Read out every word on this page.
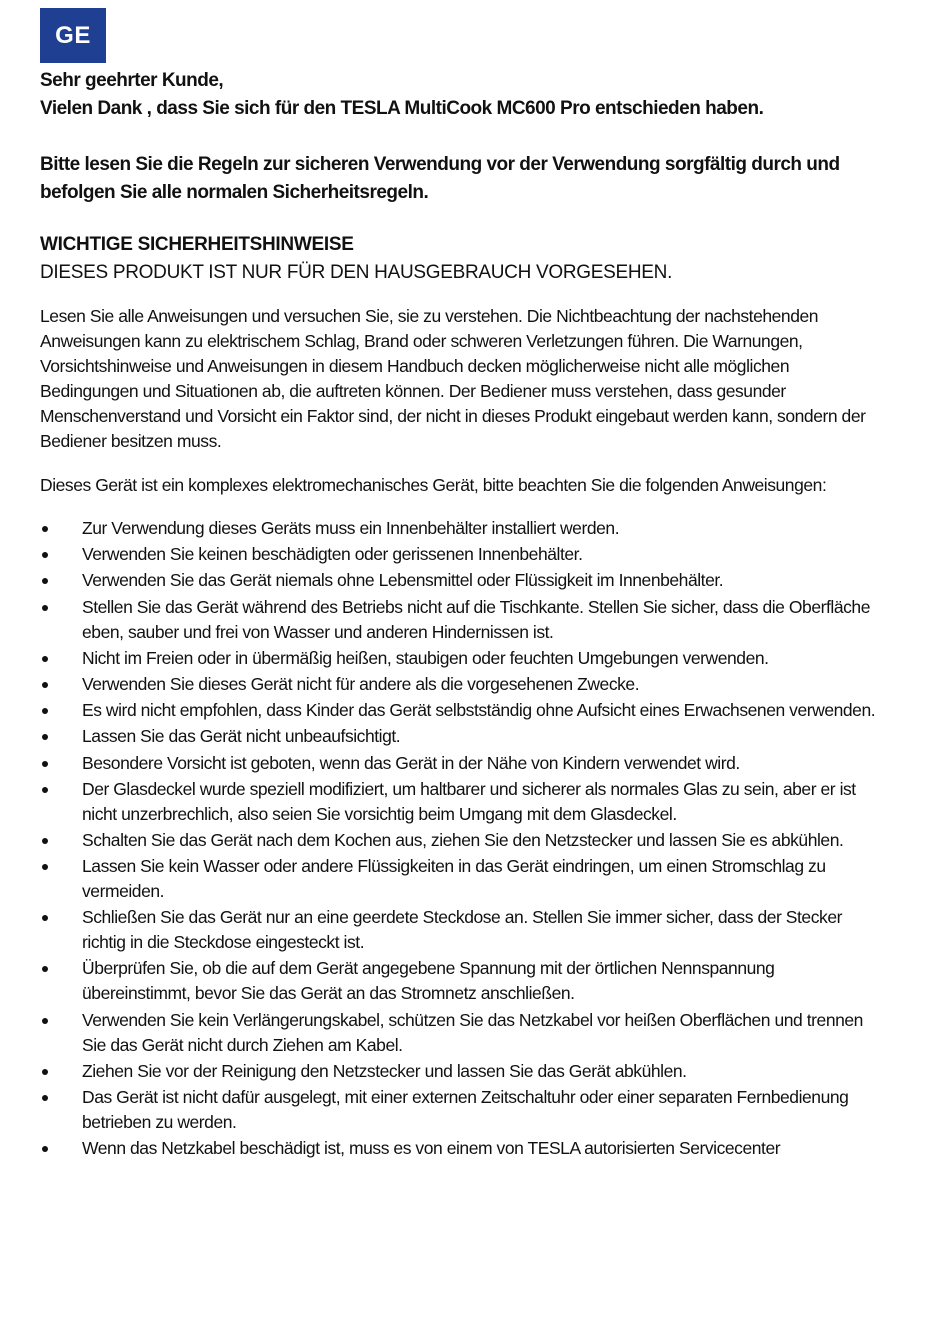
GE

Sehr geehrter Kunde,

Vielen Dank , dass Sie sich für den TESLA MultiCook MC600 Pro entschieden haben.

Bitte lesen Sie die Regeln zur sicheren Verwendung vor der Verwendung sorgfältig durch und befolgen Sie alle normalen Sicherheitsregeln.

WICHTIGE SICHERHEITSHINWEISE
DIESES PRODUKT IST NUR FÜR DEN HAUSGEBRAUCH VORGESEHEN.

Lesen Sie alle Anweisungen und versuchen Sie, sie zu verstehen. Die Nichtbeachtung der nachstehenden Anweisungen kann zu elektrischem Schlag, Brand oder schweren Verletzungen führen. Die Warnungen, Vorsichtshinweise und Anweisungen in diesem Handbuch decken möglicherweise nicht alle möglichen Bedingungen und Situationen ab, die auftreten können. Der Bediener muss verstehen, dass gesunder Menschenverstand und Vorsicht ein Faktor sind, der nicht in dieses Produkt eingebaut werden kann, sondern der Bediener besitzen muss.

Dieses Gerät ist ein komplexes elektromechanisches Gerät, bitte beachten Sie die folgenden Anweisungen:

Zur Verwendung dieses Geräts muss ein Innenbehälter installiert werden.
Verwenden Sie keinen beschädigten oder gerissenen Innenbehälter.
Verwenden Sie das Gerät niemals ohne Lebensmittel oder Flüssigkeit im Innenbehälter.
Stellen Sie das Gerät während des Betriebs nicht auf die Tischkante. Stellen Sie sicher, dass die Oberfläche eben, sauber und frei von Wasser und anderen Hindernissen ist.
Nicht im Freien oder in übermäßig heißen, staubigen oder feuchten Umgebungen verwenden.
Verwenden Sie dieses Gerät nicht für andere als die vorgesehenen Zwecke.
Es wird nicht empfohlen, dass Kinder das Gerät selbstständig ohne Aufsicht eines Erwachsenen verwenden.
Lassen Sie das Gerät nicht unbeaufsichtigt.
Besondere Vorsicht ist geboten, wenn das Gerät in der Nähe von Kindern verwendet wird.
Der Glasdeckel wurde speziell modifiziert, um haltbarer und sicherer als normales Glas zu sein, aber er ist nicht unzerbrechlich, also seien Sie vorsichtig beim Umgang mit dem Glasdeckel.
Schalten Sie das Gerät nach dem Kochen aus, ziehen Sie den Netzstecker und lassen Sie es abkühlen.
Lassen Sie kein Wasser oder andere Flüssigkeiten in das Gerät eindringen, um einen Stromschlag zu vermeiden.
Schließen Sie das Gerät nur an eine geerdete Steckdose an. Stellen Sie immer sicher, dass der Stecker richtig in die Steckdose eingesteckt ist.
Überprüfen Sie, ob die auf dem Gerät angegebene Spannung mit der örtlichen Nennspannung übereinstimmt, bevor Sie das Gerät an das Stromnetz anschließen.
Verwenden Sie kein Verlängerungskabel, schützen Sie das Netzkabel vor heißen Oberflächen und trennen Sie das Gerät nicht durch Ziehen am Kabel.
Ziehen Sie vor der Reinigung den Netzstecker und lassen Sie das Gerät abkühlen.
Das Gerät ist nicht dafür ausgelegt, mit einer externen Zeitschaltuhr oder einer separaten Fernbedienung betrieben zu werden.
Wenn das Netzkabel beschädigt ist, muss es von einem von TESLA autorisierten Servicecenter
